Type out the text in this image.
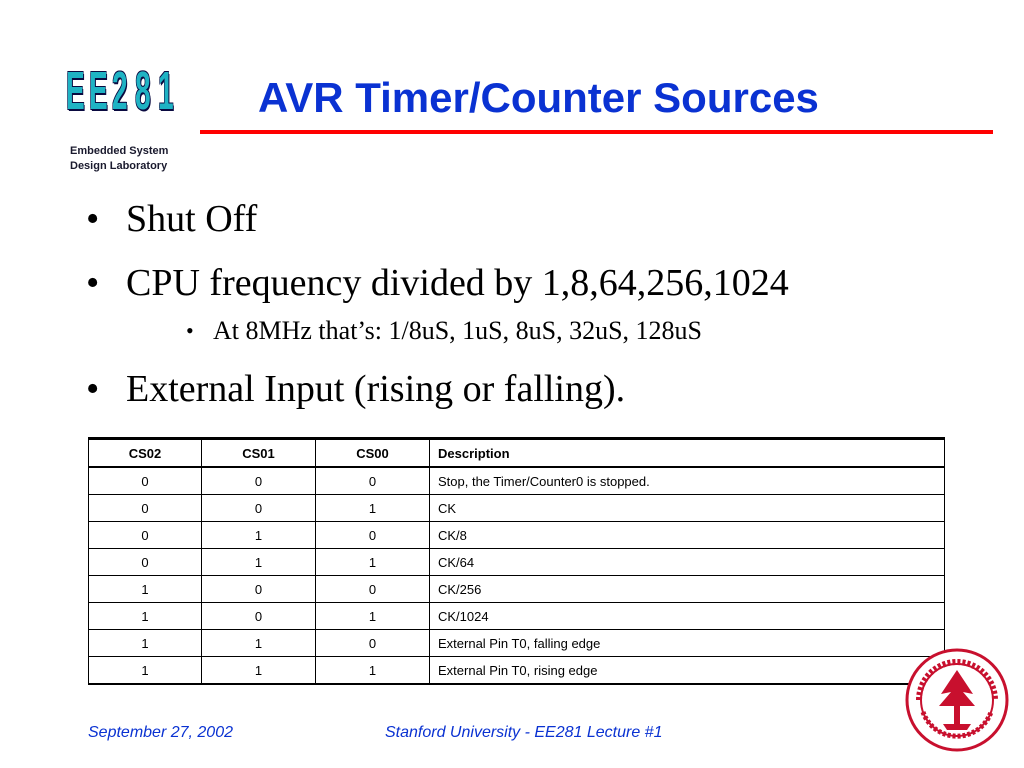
E E 2 8 1
Embedded System
Design Laboratory
AVR Timer/Counter Sources
• Shut Off
• CPU frequency divided by 1,8,64,256,1024
• At 8MHz that’s: 1/8uS, 1uS, 8uS, 32uS, 128uS
• External Input (rising or falling).
CS02	CS01	CS00	Description
0	0	0	Stop, the Timer/Counter0 is stopped.
0	0	1	CK
0	1	0	CK/8
0	1	1	CK/64
1	0	0	CK/256
1	0	1	CK/1024
1	1	0	External Pin T0, falling edge
1	1	1	External Pin T0, rising edge
September 27, 2002	Stanford University - EE281 Lecture #1
